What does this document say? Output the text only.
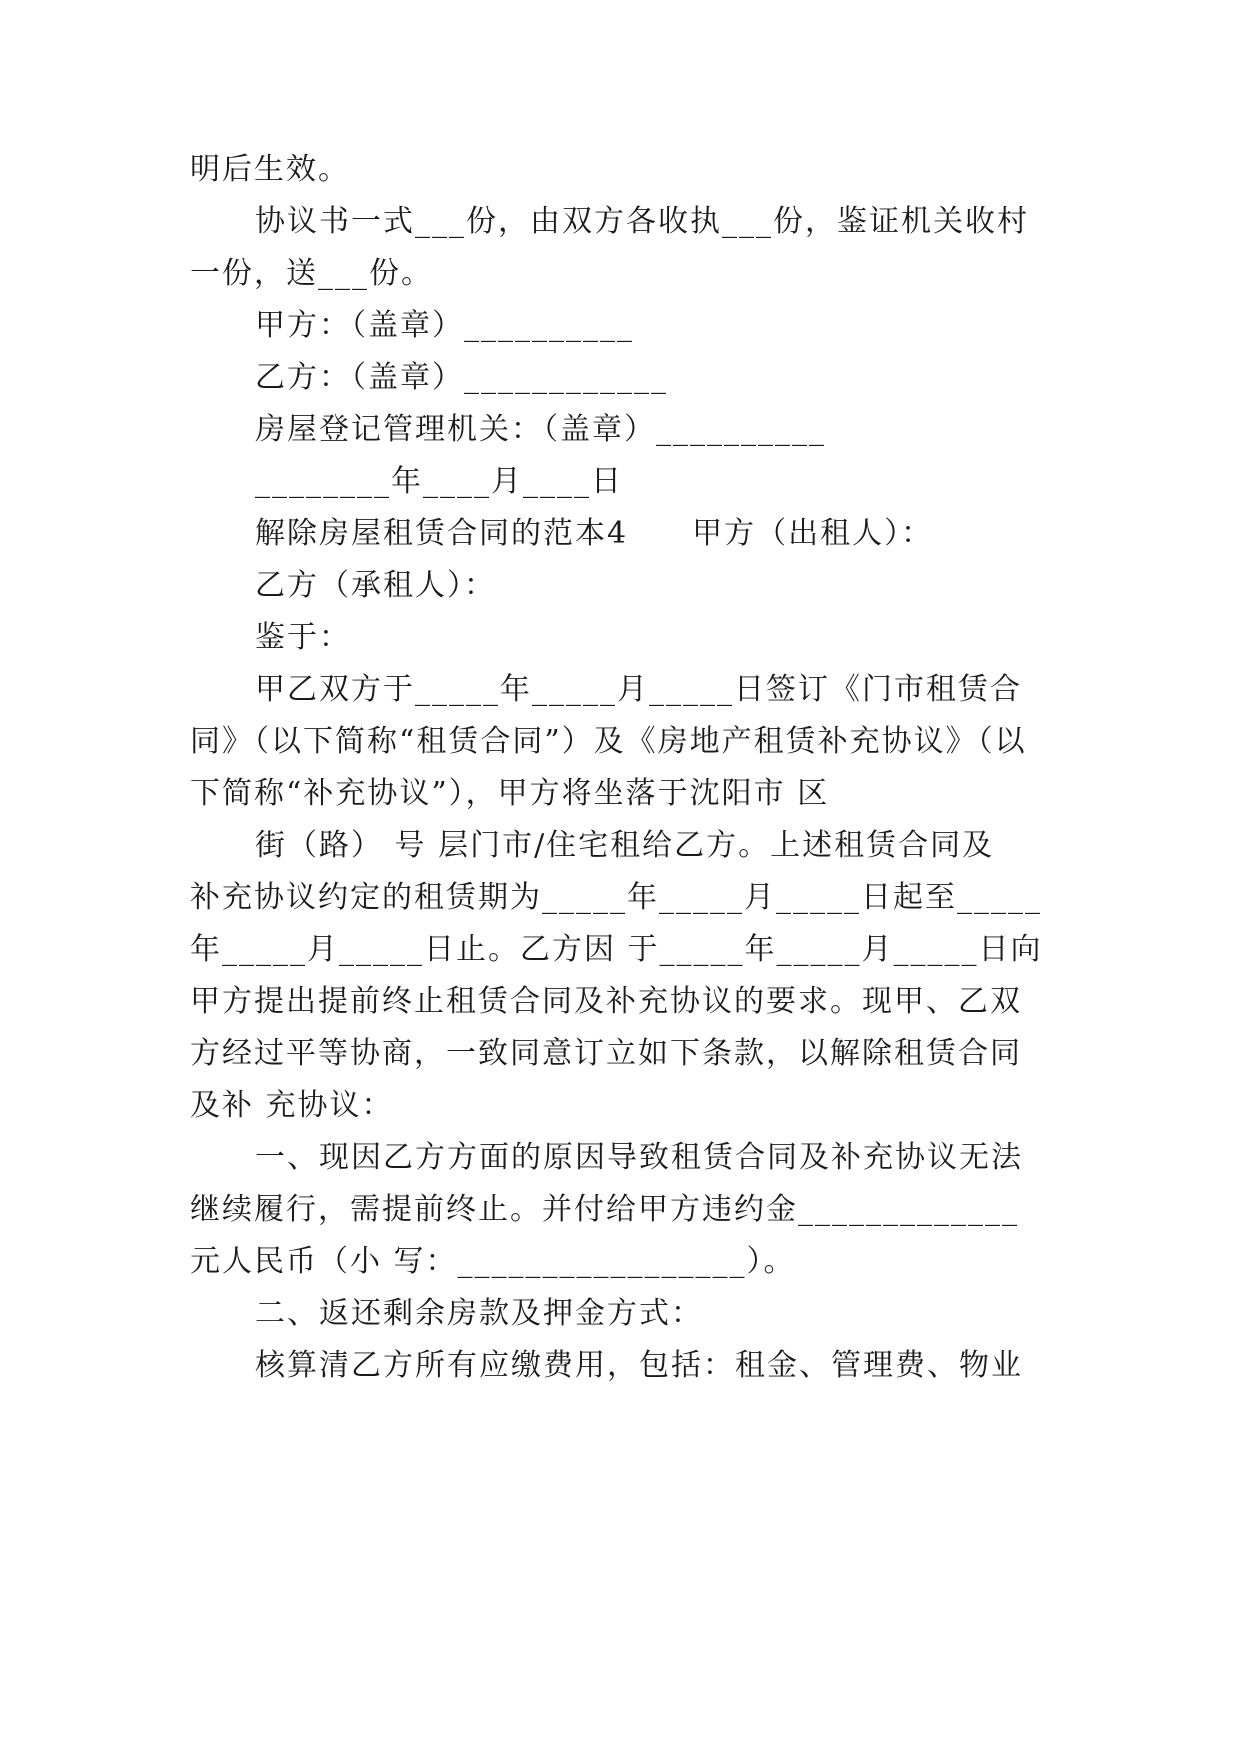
明后生效。
协议书一式___份，由双方各收执___份，鉴证机关收村
一份，送___份。
甲方：（盖章）__________
乙方：（盖章）____________
房屋登记管理机关：（盖章）__________
________年____月____日
解除房屋租赁合同的范本4　　甲方（出租人）：
乙方（承租人）：
鉴于：
甲乙双方于_____年_____月_____日签订《门市租赁合
同》（以下简称“租赁合同”）及《房地产租赁补充协议》（以
下简称“补充协议”），甲方将坐落于沈阳市 区
街（路） 号 层门市/住宅租给乙方。上述租赁合同及
补充协议约定的租赁期为_____年_____月_____日起至_____
年_____月_____日止。乙方因 于_____年_____月_____日向
甲方提出提前终止租赁合同及补充协议的要求。现甲、乙双
方经过平等协商，一致同意订立如下条款，以解除租赁合同
及补 充协议：
一、现因乙方方面的原因导致租赁合同及补充协议无法
继续履行，需提前终止。并付给甲方违约金_____________
元人民币（小 写：_________________）。
二、返还剩余房款及押金方式：
核算清乙方所有应缴费用，包括：租金、管理费、物业
